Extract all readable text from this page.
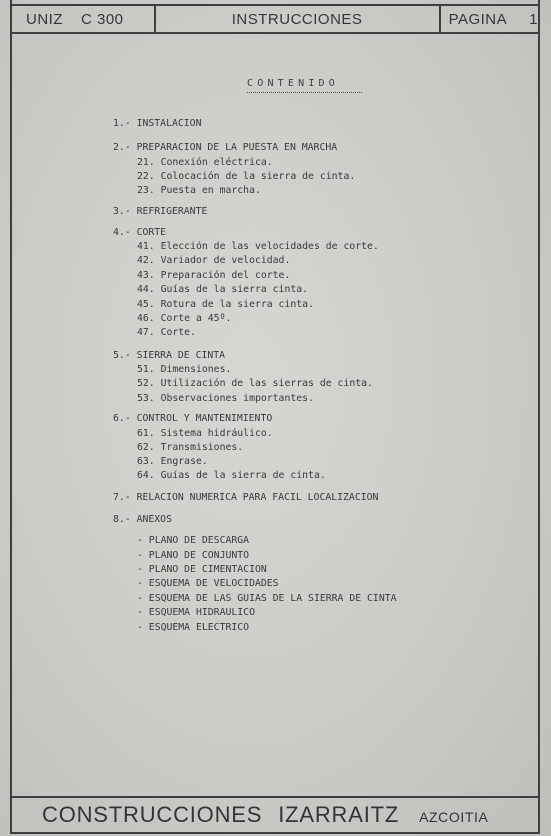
UNIZ C 300	INSTRUCCIONES	PAGINA 1
CONTENIDO
1.- INSTALACION
2.- PREPARACION DE LA PUESTA EN MARCHA
21. Conexión eléctrica.
22. Colocación de la sierra de cinta.
23. Puesta en marcha.
3.- REFRIGERANTE
4.- CORTE
41. Elección de las velocidades de corte.
42. Variador de velocidad.
43. Preparación del corte.
44. Guías de la sierra cinta.
45. Rotura de la sierra cinta.
46. Corte a 45º.
47. Corte.
5.- SIERRA DE CINTA
51. Dimensiones.
52. Utilización de las sierras de cinta.
53. Observaciones importantes.
6.- CONTROL Y MANTENIMIENTO
61. Sistema hidráulico.
62. Transmisiones.
63. Engrase.
64. Guías de la sierra de cinta.
7.- RELACION NUMERICA PARA FACIL LOCALIZACION
8.- ANEXOS
- PLANO DE DESCARGA
- PLANO DE CONJUNTO
- PLANO DE CIMENTACION
- ESQUEMA DE VELOCIDADES
- ESQUEMA DE LAS GUIAS DE LA SIERRA DE CINTA
- ESQUEMA HIDRAULICO
- ESQUEMA ELECTRICO
CONSTRUCCIONES IZARRAITZ AZCOITIA
